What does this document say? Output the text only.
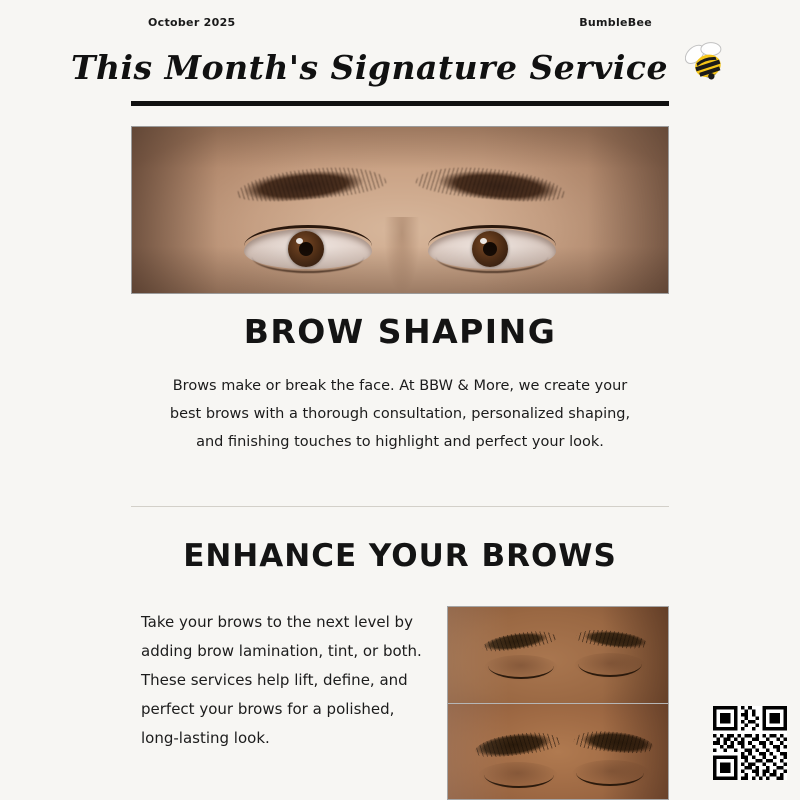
October 2025	BumbleBee
This Month's Signature Service
BROW SHAPING
Brows make or break the face. At BBW & More, we create your best brows with a thorough consultation, personalized shaping, and finishing touches to highlight and perfect your look.
ENHANCE YOUR BROWS
Take your brows to the next level by adding brow lamination, tint, or both. These services help lift, define, and perfect your brows for a polished, long-lasting look.
